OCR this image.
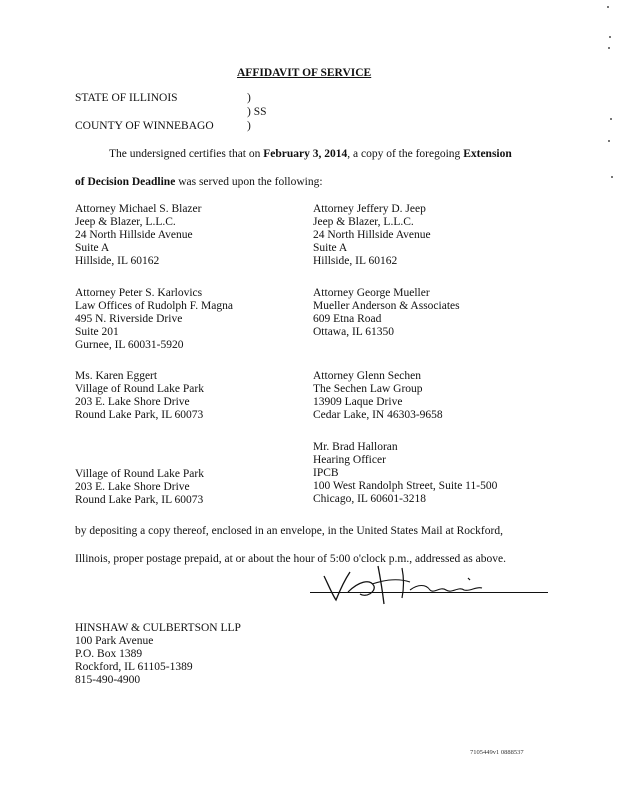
AFFIDAVIT OF SERVICE
STATE OF ILLINOIS	)
) SS
COUNTY OF WINNEBAGO	)
The undersigned certifies that on February 3, 2014, a copy of the foregoing Extension
of Decision Deadline was served upon the following:
Attorney Michael S. Blazer
Jeep & Blazer, L.L.C.
24 North Hillside Avenue
Suite A
Hillside, IL 60162
Attorney Jeffery D. Jeep
Jeep & Blazer, L.L.C.
24 North Hillside Avenue
Suite A
Hillside, IL 60162
Attorney Peter S. Karlovics
Law Offices of Rudolph F. Magna
495 N. Riverside Drive
Suite 201
Gurnee, IL 60031-5920
Attorney George Mueller
Mueller Anderson & Associates
609 Etna Road
Ottawa, IL 61350
Ms. Karen Eggert
Village of Round Lake Park
203 E. Lake Shore Drive
Round Lake Park, IL 60073
Attorney Glenn Sechen
The Sechen Law Group
13909 Laque Drive
Cedar Lake, IN 46303-9658
Village of Round Lake Park
203 E. Lake Shore Drive
Round Lake Park, IL 60073
Mr. Brad Halloran
Hearing Officer
IPCB
100 West Randolph Street, Suite 11-500
Chicago, IL 60601-3218
by depositing a copy thereof, enclosed in an envelope, in the United States Mail at Rockford,
Illinois, proper postage prepaid, at or about the hour of 5:00 o'clock p.m., addressed as above.
HINSHAW & CULBERTSON LLP
100 Park Avenue
P.O. Box 1389
Rockford, IL 61105-1389
815-490-4900
7105449v1 0888537
